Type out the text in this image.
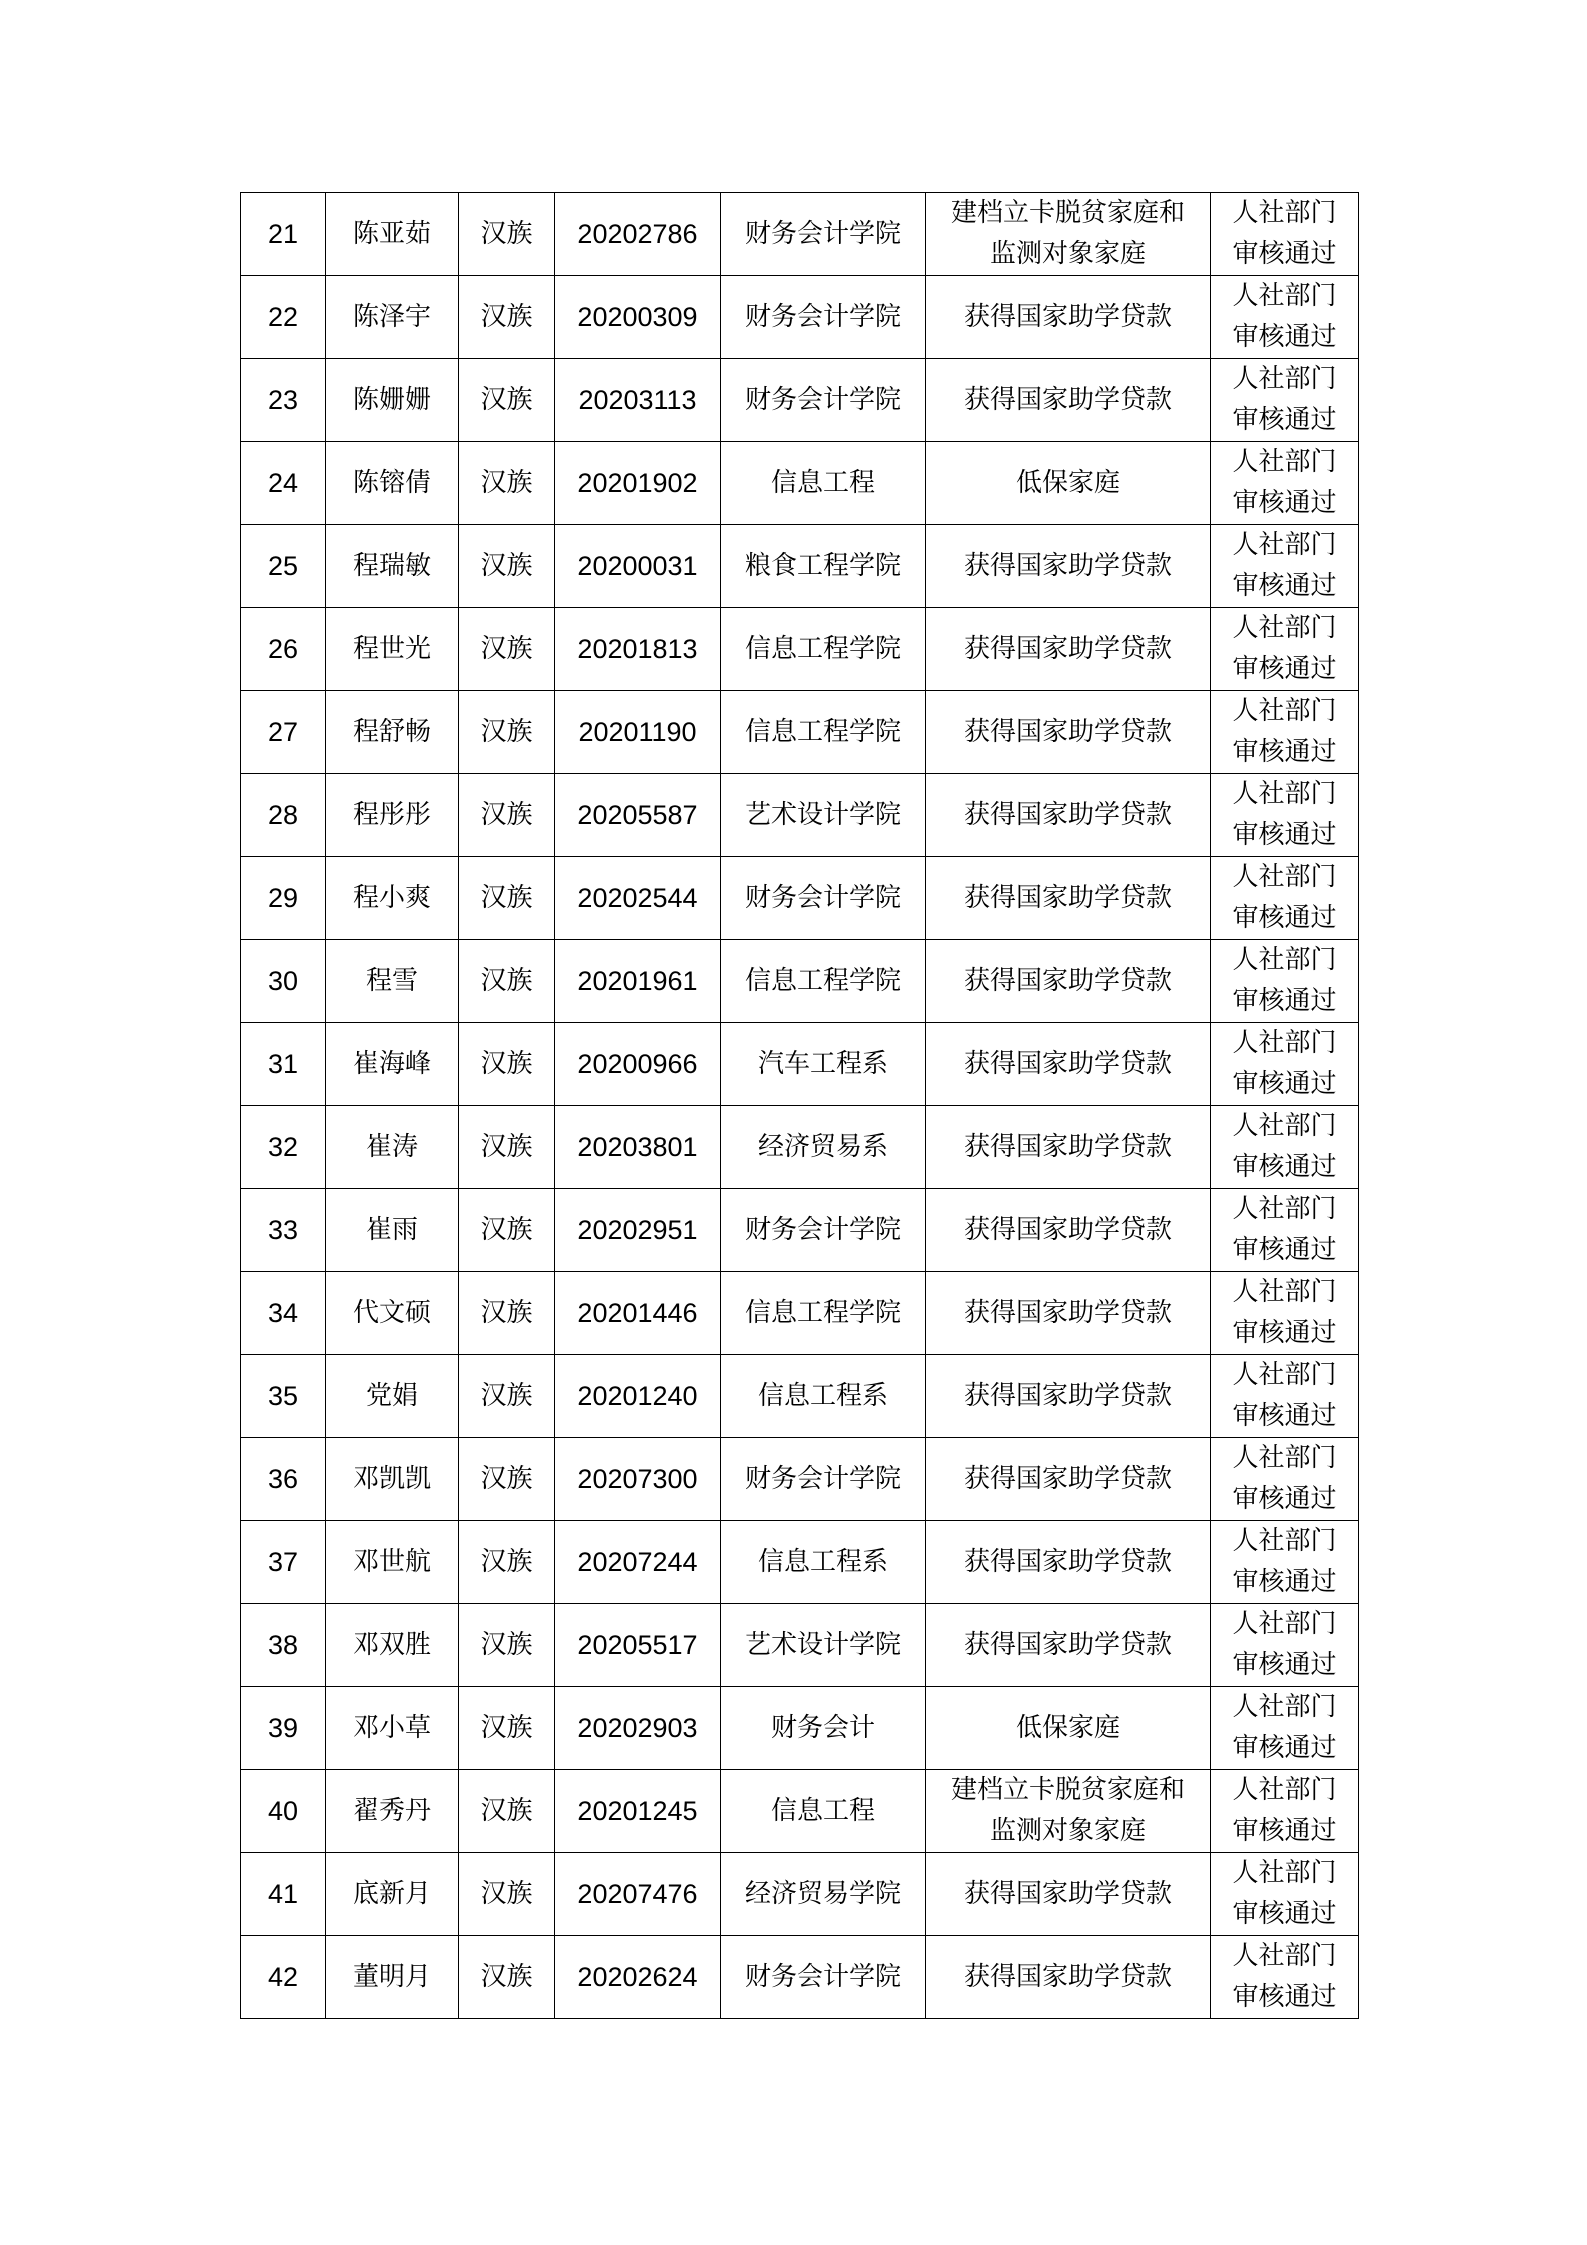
21	陈亚茹	汉族	20202786	财务会计学院	建档立卡脱贫家庭和
监测对象家庭	人社部门
审核通过

22	陈泽宇	汉族	20200309	财务会计学院	获得国家助学贷款	人社部门
审核通过

23	陈姗姗	汉族	20203113	财务会计学院	获得国家助学贷款	人社部门
审核通过

24	陈镕倩	汉族	20201902	信息工程	低保家庭	人社部门
审核通过

25	程瑞敏	汉族	20200031	粮食工程学院	获得国家助学贷款	人社部门
审核通过

26	程世光	汉族	20201813	信息工程学院	获得国家助学贷款	人社部门
审核通过

27	程舒畅	汉族	20201190	信息工程学院	获得国家助学贷款	人社部门
审核通过

28	程彤彤	汉族	20205587	艺术设计学院	获得国家助学贷款	人社部门
审核通过

29	程小爽	汉族	20202544	财务会计学院	获得国家助学贷款	人社部门
审核通过

30	程雪	汉族	20201961	信息工程学院	获得国家助学贷款	人社部门
审核通过

31	崔海峰	汉族	20200966	汽车工程系	获得国家助学贷款	人社部门
审核通过

32	崔涛	汉族	20203801	经济贸易系	获得国家助学贷款	人社部门
审核通过

33	崔雨	汉族	20202951	财务会计学院	获得国家助学贷款	人社部门
审核通过

34	代文硕	汉族	20201446	信息工程学院	获得国家助学贷款	人社部门
审核通过

35	党娟	汉族	20201240	信息工程系	获得国家助学贷款	人社部门
审核通过

36	邓凯凯	汉族	20207300	财务会计学院	获得国家助学贷款	人社部门
审核通过

37	邓世航	汉族	20207244	信息工程系	获得国家助学贷款	人社部门
审核通过

38	邓双胜	汉族	20205517	艺术设计学院	获得国家助学贷款	人社部门
审核通过

39	邓小草	汉族	20202903	财务会计	低保家庭	人社部门
审核通过

40	翟秀丹	汉族	20201245	信息工程	建档立卡脱贫家庭和
监测对象家庭	人社部门
审核通过

41	底新月	汉族	20207476	经济贸易学院	获得国家助学贷款	人社部门
审核通过

42	董明月	汉族	20202624	财务会计学院	获得国家助学贷款	人社部门
审核通过
